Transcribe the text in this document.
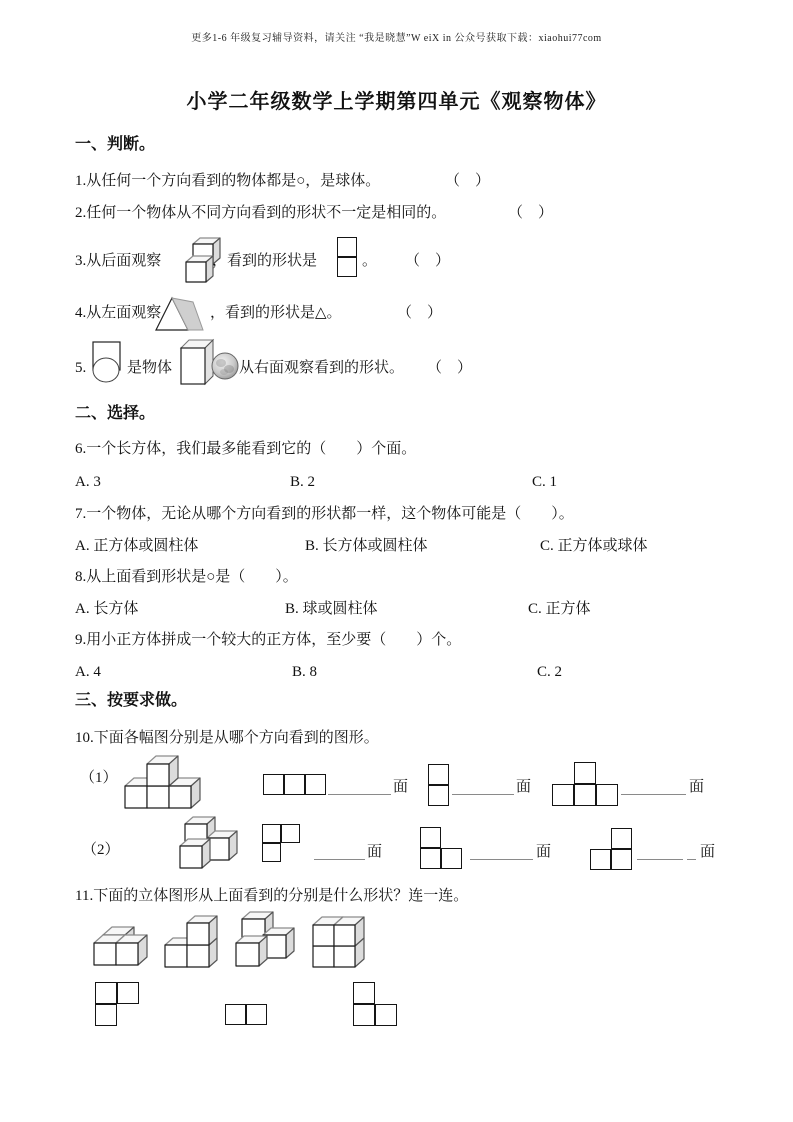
更多1-6 年级复习辅导资料，请关注 “我是晓慧”W eiX in 公众号获取下载：xiaohui77com
小学二年级数学上学期第四单元《观察物体》
一、判断。
1.从任何一个方向看到的物体都是○，是球体。	（　）
2.任何一个物体从不同方向看到的形状不一定是相同的。	（　）
3.从后面观察	，看到的形状是	。 （　）
4.从左面观察	，看到的形状是△。	（　）
5.	是物体	从右面观察看到的形状。 （　）
二、选择。
6.一个长方体，我们最多能看到它的（　　）个面。
A. 3	B. 2	C. 1
7.一个物体，无论从哪个方向看到的形状都一样，这个物体可能是（　　）。
A. 正方体或圆柱体	B. 长方体或圆柱体	C. 正方体或球体
8.从上面看到形状是○是（　　）。
A. 长方体	B. 球或圆柱体	C. 正方体
9.用小正方体拼成一个较大的正方体，至少要（　　）个。
A. 4	B. 8	C. 2
三、按要求做。
10.下面各幅图分别是从哪个方向看到的图形。
（1）
面	面	面
（2）	面	面	面
11.下面的立体图形从上面看到的分别是什么形状？连一连。
